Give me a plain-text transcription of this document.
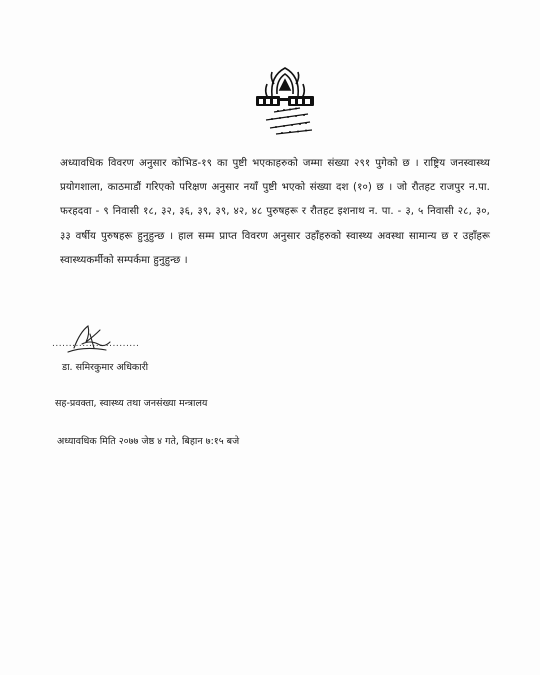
अध्यावधिक विवरण अनुसार कोभिड-१९ का पुष्टी भएकाहरुको जम्मा संख्या २९१ पुगेको छ । राष्ट्रिय जनस्वास्थ्य प्रयोगशाला, काठमाडौं गरिएको परिक्षण अनुसार नयाँ पुष्टी भएको संख्या दश (१०) छ । जो रौतहट राजपुर न.पा. फरहदवा - ९ निवासी १८, ३२, ३६, ३९, ३९, ४२, ४८ पुरुषहरू र रौतहट इशनाथ न. पा. - ३, ५ निवासी २८, ३०, ३३ वर्षीय पुरुषहरू हुनुहुन्छ । हाल सम्म प्राप्त विवरण अनुसार उहाँहरुको स्वास्थ्य अवस्था सामान्य छ र उहाँहरू स्वास्थ्यकर्मीको सम्पर्कमा हुनुहुन्छ ।
..........................
डा. समिरकुमार अधिकारी
सह-प्रवक्ता, स्वास्थ्य तथा जनसंख्या मन्त्रालय
अध्यावधिक मिति २०७७ जेष्ठ ४ गते, बिहान ७:१५ बजे
